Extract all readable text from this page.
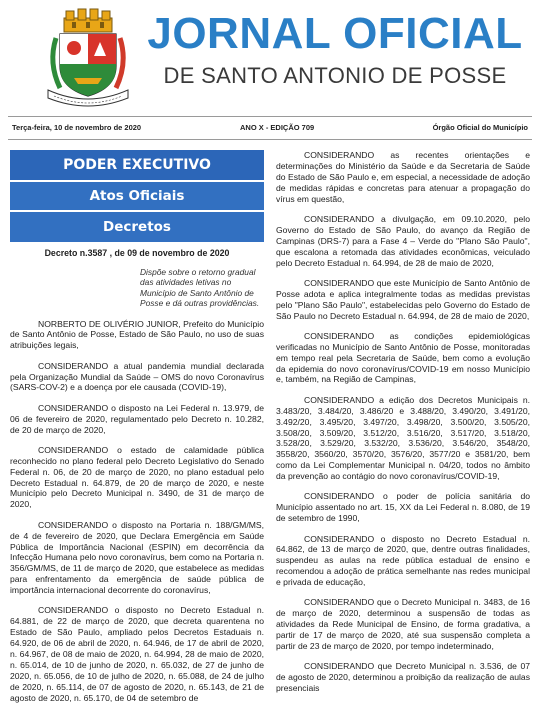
JORNAL OFICIAL
DE SANTO ANTONIO DE POSSE
Terça-feira, 10 de novembro de 2020	ANO X - EDIÇÃO 709	Órgão Oficial do Município
PODER EXECUTIVO
Atos Oficiais
Decretos
Decreto n.3587 , de 09 de novembro de 2020
Dispõe sobre o retorno gradual das atividades letivas no Município de Santo Antônio de Posse e dá outras providências.

NORBERTO DE OLIVÉRIO JUNIOR, Prefeito do Município de Santo Antônio de Posse, Estado de São Paulo, no uso de suas atribuições legais,

CONSIDERANDO a atual pandemia mundial declarada pela Organização Mundial da Saúde – OMS do novo Coronavírus (SARS-COV-2) e a doença por ele causada (COVID-19),

CONSIDERANDO o disposto na Lei Federal n. 13.979, de 06 de fevereiro de 2020, regulamentado pelo Decreto n. 10.282, de 20 de março de 2020,

CONSIDERANDO o estado de calamidade pública reconhecido no plano federal pelo Decreto Legislativo do Senado Federal n. 06, de 20 de março de 2020, no plano estadual pelo Decreto Estadual n. 64.879, de 20 de março de 2020, e neste Município pelo Decreto Municipal n. 3490, de 31 de março de 2020,

CONSIDERANDO o disposto na Portaria n. 188/GM/MS, de 4 de fevereiro de 2020, que Declara Emergência em Saúde Pública de Importância Nacional (ESPIN) em decorrência da Infecção Humana pelo novo coronavírus, bem como na Portaria n. 356/GM/MS, de 11 de março de 2020, que estabelece as medidas para enfrentamento da emergência de saúde pública de importância internacional decorrente do coronavírus,

CONSIDERANDO o disposto no Decreto Estadual n. 64.881, de 22 de março de 2020, que decreta quarentena no Estado de São Paulo, ampliado pelos Decretos Estaduais n. 64.920, de 06 de abril de 2020, n. 64.946, de 17 de abril de 2020, n. 64.967, de 08 de maio de 2020, n. 64.994, 28 de maio de 2020, n. 65.014, de 10 de junho de 2020, n. 65.032, de 27 de junho de 2020, n. 65.056, de 10 de julho de 2020, n. 65.088, de 24 de julho de 2020, n. 65.114, de 07 de agosto de 2020, n. 65.143, de 21 de agosto de 2020, n. 65.170, de 04 de setembro de

CONSIDERANDO as recentes orientações e determinações do Ministério da Saúde e da Secretaria de Saúde do Estado de São Paulo e, em especial, a necessidade de adoção de medidas rápidas e concretas para atenuar a propagação do vírus em questão,

CONSIDERANDO a divulgação, em 09.10.2020, pelo Governo do Estado de São Paulo, do avanço da Região de Campinas (DRS-7) para a Fase 4 – Verde do "Plano São Paulo", que escalona a retomada das atividades econômicas, veiculado pelo Decreto Estadual n. 64.994, de 28 de maio de 2020,

CONSIDERANDO que este Município de Santo Antônio de Posse adota e aplica integralmente todas as medidas previstas pelo "Plano São Paulo", estabelecidas pelo Governo do Estado de São Paulo no Decreto Estadual n. 64.994, de 28 de maio de 2020,

CONSIDERANDO as condições epidemiológicas verificadas no Município de Santo Antônio de Posse, monitoradas em tempo real pela Secretaria de Saúde, bem como a evolução da epidemia do novo coronavírus/COVID-19 em nosso Município e, também, na Região de Campinas,

CONSIDERANDO a edição dos Decretos Municipais n. 3.483/20, 3.484/20, 3.486/20 e 3.488/20, 3.490/20, 3.491/20, 3.492/20, 3.495/20, 3.497/20, 3.498/20, 3.500/20, 3.505/20, 3.508/20, 3.509/20, 3.512/20, 3.516/20, 3.517/20, 3.518/20, 3.528/20, 3.529/20, 3.532/20, 3.536/20, 3.546/20, 3548/20, 3558/20, 3560/20, 3570/20, 3576/20, 3577/20 e 3581/20, bem como da Lei Complementar Municipal n. 04/20, todos no âmbito da prevenção ao contágio do novo coronavírus/COVID-19,

CONSIDERANDO o poder de polícia sanitária do Município assentado no art. 15, XX da Lei Federal n. 8.080, de 19 de setembro de 1990,

CONSIDERANDO o disposto no Decreto Estadual n. 64.862, de 13 de março de 2020, que, dentre outras finalidades, suspendeu as aulas na rede pública estadual de ensino e recomendou a adoção de prática semelhante nas redes municipal e privada de educação,

CONSIDERANDO que o Decreto Municipal n. 3483, de 16 de março de 2020, determinou a suspensão de todas as atividades da Rede Municipal de Ensino, de forma gradativa, a partir de 17 de março de 2020, até sua suspensão completa a partir de 23 de março de 2020, por tempo indeterminado,

CONSIDERANDO que Decreto Municipal n. 3.536, de 07 de agosto de 2020, determinou a proibição da realização de aulas presenciais
